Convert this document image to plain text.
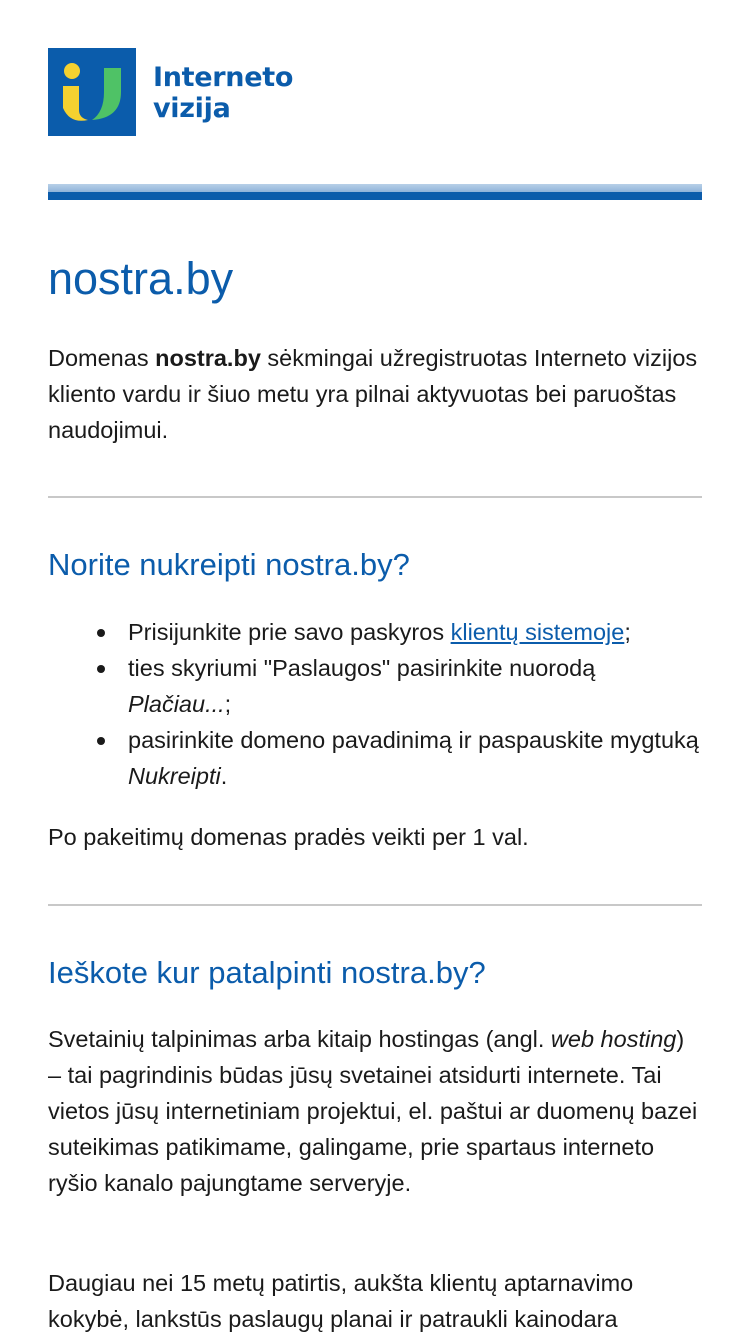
Interneto
vizija
nostra.by

Domenas nostra.by sėkmingai užregistruotas Interneto vizijos kliento vardu ir šiuo metu yra pilnai aktyvuotas bei paruoštas naudojimui.

Norite nukreipti nostra.by?
Prisijunkite prie savo paskyros klientų sistemoje;
ties skyriumi "Paslaugos" pasirinkite nuorodą Plačiau...;
pasirinkite domeno pavadinimą ir paspauskite mygtuką Nukreipti.

Po pakeitimų domenas pradės veikti per 1 val.

Ieškote kur patalpinti nostra.by?

Svetainių talpinimas arba kitaip hostingas (angl. web hosting) – tai pagrindinis būdas jūsų svetainei atsidurti internete. Tai vietos jūsų internetiniam projektui, el. paštui ar duomenų bazei suteikimas patikimame, galingame, prie spartaus interneto ryšio kanalo pajungtame serveryje.

Daugiau nei 15 metų patirtis, aukšta klientų aptarnavimo kokybė, lankstūs paslaugų planai ir patraukli kainodara
